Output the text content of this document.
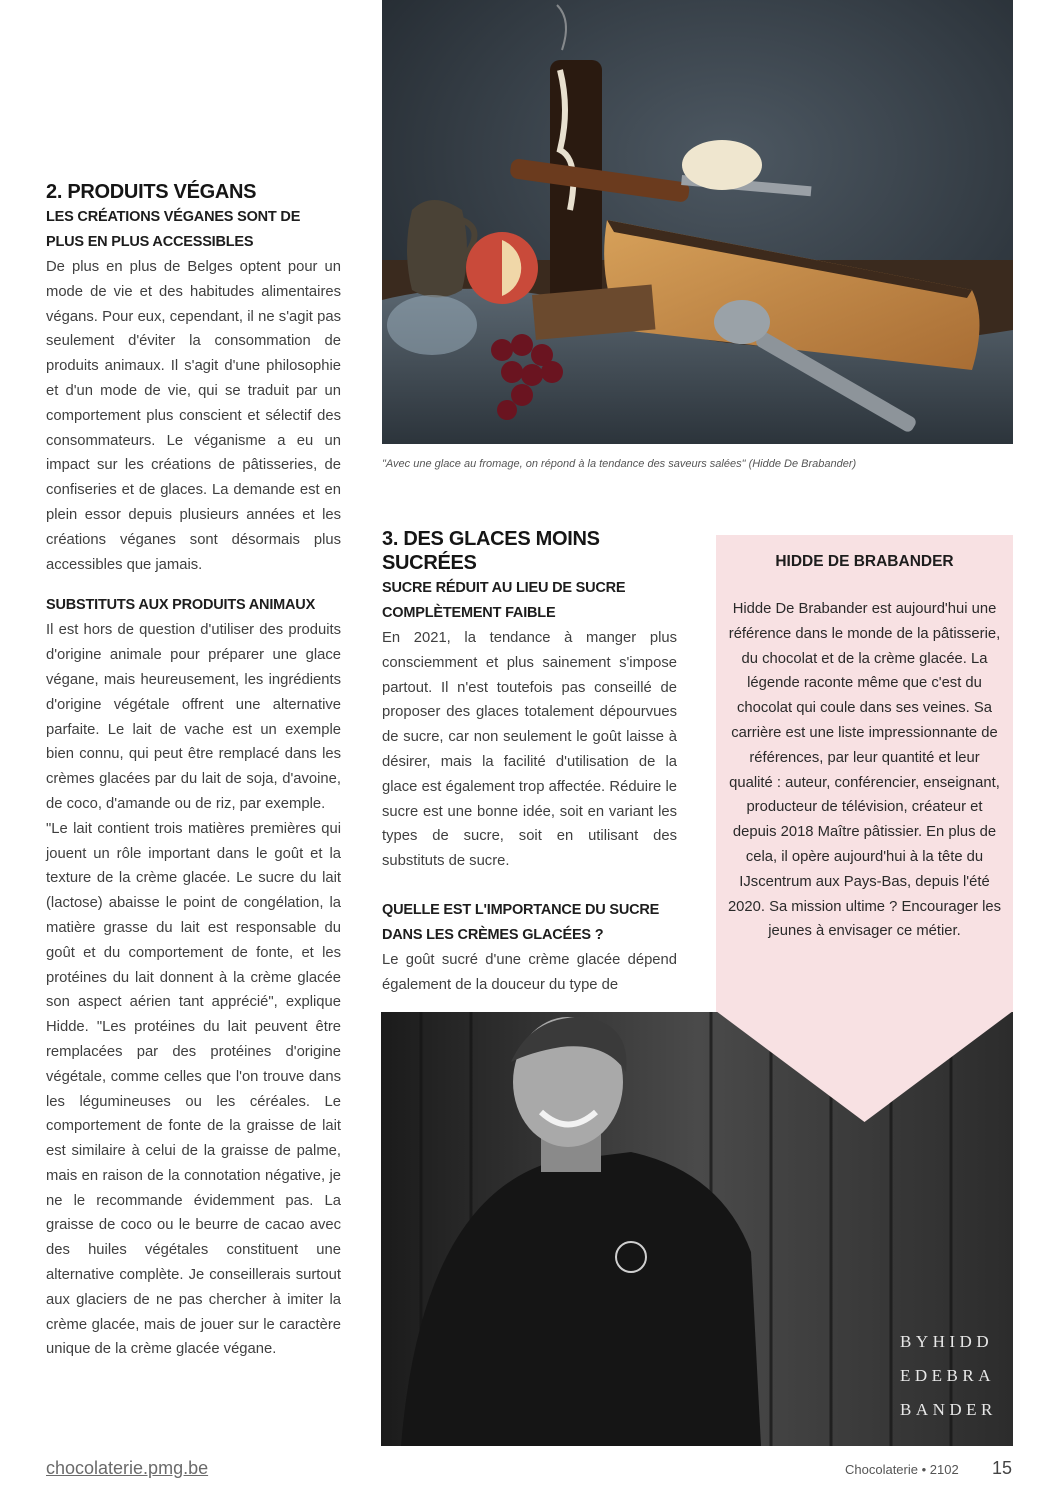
2. PRODUITS VÉGANS
LES CRÉATIONS VÉGANES SONT DE PLUS EN PLUS ACCESSIBLES

De plus en plus de Belges optent pour un mode de vie et des habitudes alimentaires végans. Pour eux, cependant, il ne s'agit pas seulement d'éviter la consommation de produits animaux. Il s'agit d'une philosophie et d'un mode de vie, qui se traduit par un comportement plus conscient et sélectif des consommateurs. Le véganisme a eu un impact sur les créations de pâtisseries, de confiseries et de glaces. La demande est en plein essor depuis plusieurs années et les créations véganes sont désormais plus accessibles que jamais.

SUBSTITUTS AUX PRODUITS ANIMAUX

Il est hors de question d'utiliser des produits d'origine animale pour préparer une glace végane, mais heureusement, les ingrédients d'origine végétale offrent une alternative parfaite. Le lait de vache est un exemple bien connu, qui peut être remplacé dans les crèmes glacées par du lait de soja, d'avoine, de coco, d'amande ou de riz, par exemple.

"Le lait contient trois matières premières qui jouent un rôle important dans le goût et la texture de la crème glacée. Le sucre du lait (lactose) abaisse le point de congélation, la matière grasse du lait est responsable du goût et du comportement de fonte, et les protéines du lait donnent à la crème glacée son aspect aérien tant apprécié", explique Hidde. "Les protéines du lait peuvent être remplacées par des protéines d'origine végétale, comme celles que l'on trouve dans les légumineuses ou les céréales. Le comportement de fonte de la graisse de lait est similaire à celui de la graisse de palme, mais en raison de la connotation négative, je ne le recommande évidemment pas. La graisse de coco ou le beurre de cacao avec des huiles végétales constituent une alternative complète. Je conseillerais surtout aux glaciers de ne pas chercher à imiter la crème glacée, mais de jouer sur le caractère unique de la crème glacée végane.

"Avec une glace au fromage, on répond à la tendance des saveurs salées" (Hidde De Brabander)
3. DES GLACES MOINS SUCRÉES
SUCRE RÉDUIT AU LIEU DE SUCRE COMPLÈTEMENT FAIBLE

En 2021, la tendance à manger plus consciemment et plus sainement s'impose partout. Il n'est toutefois pas conseillé de proposer des glaces totalement dépourvues de sucre, car non seulement le goût laisse à désirer, mais la facilité d'utilisation de la glace est également trop affectée. Réduire le sucre est une bonne idée, soit en variant les types de sucre, soit en utilisant des substituts de sucre.

QUELLE EST L'IMPORTANCE DU SUCRE DANS LES CRÈMES GLACÉES ?

Le goût sucré d'une crème glacée dépend également de la douceur du type de

HIDDE DE BRABANDER
Hidde De Brabander est aujourd'hui une référence dans le monde de la pâtisserie, du chocolat et de la crème glacée. La légende raconte même que c'est du chocolat qui coule dans ses veines. Sa carrière est une liste impressionnante de références, par leur quantité et leur qualité : auteur, conférencier, enseignant, producteur de télévision, créateur et depuis 2018 Maître pâtissier. En plus de cela, il opère aujourd'hui à la tête du IJscentrum aux Pays-Bas, depuis l'été 2020. Sa mission ultime ? Encourager les jeunes à envisager ce métier.
BYHIDD
EDEBRA
BANDER
chocolaterie.pmg.be	Chocolaterie • 2102 15
